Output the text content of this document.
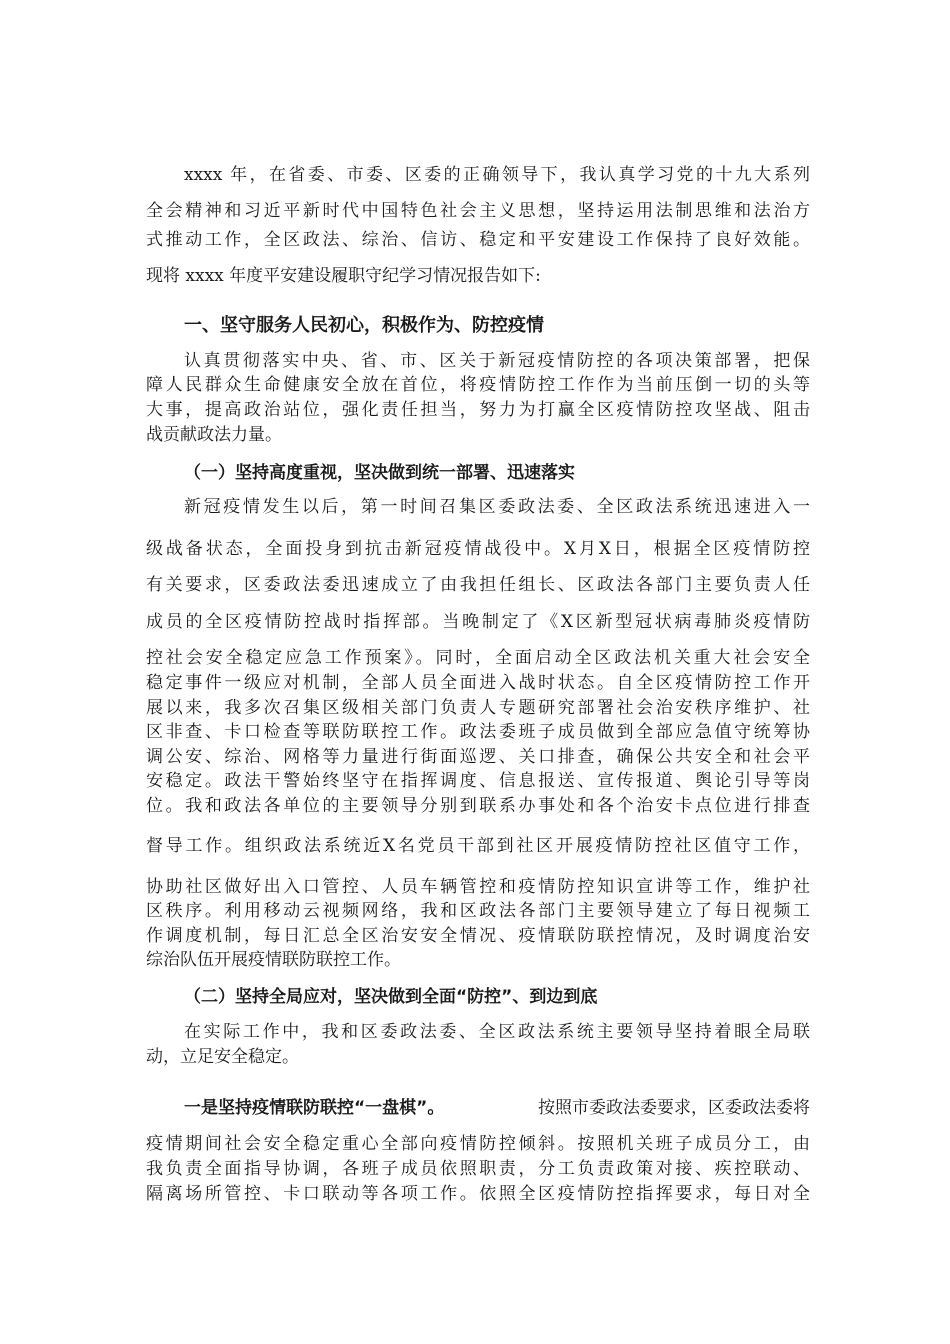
xxxx 年，在省委、市委、区委的正确领导下，我认真学习党的十九大系列
全会精神和习近平新时代中国特色社会主义思想，坚持运用法制思维和法治方
式推动工作，全区政法、综治、信访、稳定和平安建设工作保持了良好效能。
现将 xxxx 年度平安建设履职守纪学习情况报告如下:
一、坚守服务人民初心，积极作为、防控疫情
认真贯彻落实中央、省、市、区关于新冠疫情防控的各项决策部署，把保
障人民群众生命健康安全放在首位，将疫情防控工作作为当前压倒一切的头等
大事，提高政治站位，强化责任担当，努力为打赢全区疫情防控攻坚战、阻击
战贡献政法力量。
（一）坚持高度重视，坚决做到统一部署、迅速落实
新冠疫情发生以后，第一时间召集区委政法委、全区政法系统迅速进入一
级战备状态，全面投身到抗击新冠疫情战役中。X月X日，根据全区疫情防控
有关要求，区委政法委迅速成立了由我担任组长、区政法各部门主要负责人任
成员的全区疫情防控战时指挥部。当晚制定了《X区新型冠状病毒肺炎疫情防
控社会安全稳定应急工作预案》。同时，全面启动全区政法机关重大社会安全
稳定事件一级应对机制，全部人员全面进入战时状态。自全区疫情防控工作开
展以来，我多次召集区级相关部门负责人专题研究部署社会治安秩序维护、社
区非查、卡口检查等联防联控工作。政法委班子成员做到全部应急值守统筹协
调公安、综治、网格等力量进行街面巡逻、关口排查，确保公共安全和社会平
安稳定。政法干警始终坚守在指挥调度、信息报送、宣传报道、舆论引导等岗
位。我和政法各单位的主要领导分别到联系办事处和各个治安卡点位进行排查
督导工作。组织政法系统近X名党员干部到社区开展疫情防控社区值守工作，
协助社区做好出入口管控、人员车辆管控和疫情防控知识宣讲等工作，维护社
区秩序。利用移动云视频网络，我和区政法各部门主要领导建立了每日视频工
作调度机制，每日汇总全区治安安全情况、疫情联防联控情况，及时调度治安
综治队伍开展疫情联防联控工作。
（二）坚持全局应对，坚决做到全面“防控”、到边到底
在实际工作中，我和区委政法委、全区政法系统主要领导坚持着眼全局联
动，立足安全稳定。
一是坚持疫情联防联控“一盘棋”。	按照市委政法委要求，区委政法委将
疫情期间社会安全稳定重心全部向疫情防控倾斜。按照机关班子成员分工，由
我负责全面指导协调，各班子成员依照职责，分工负责政策对接、疾控联动、
隔离场所管控、卡口联动等各项工作。依照全区疫情防控指挥要求，每日对全
